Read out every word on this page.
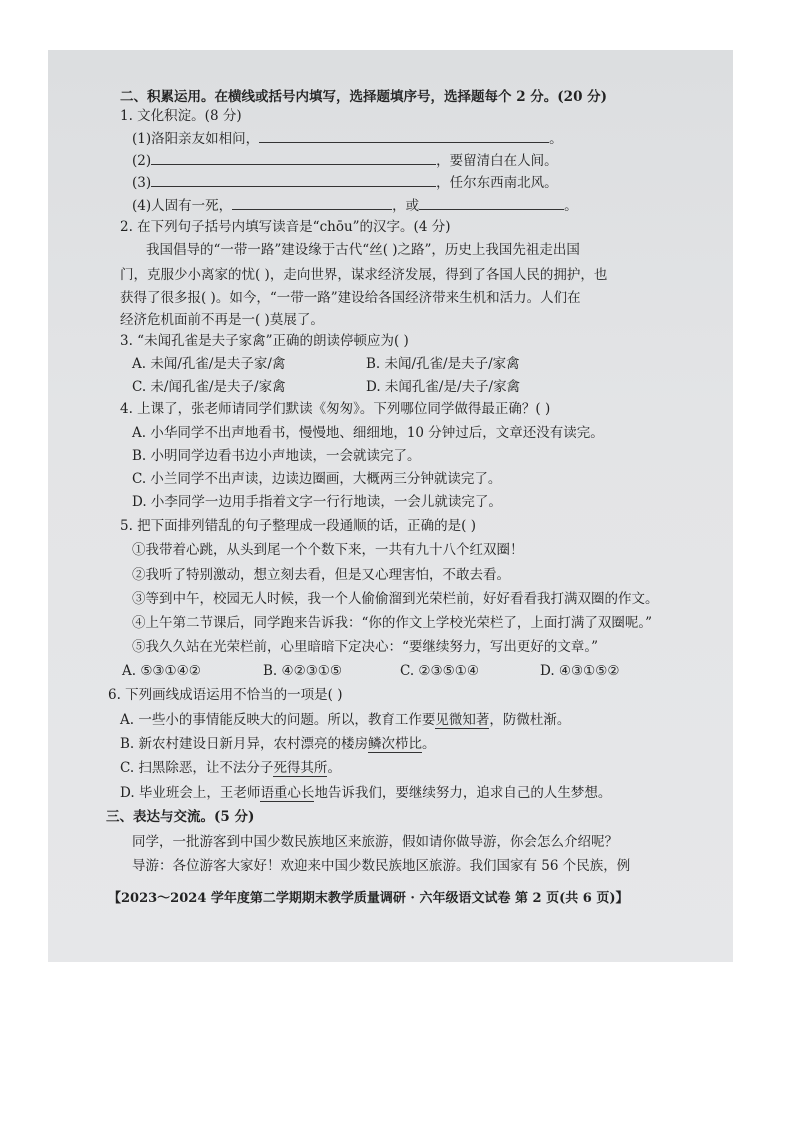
二、积累运用。在横线或括号内填写，选择题填序号，选择题每个 2 分。(20 分)
1. 文化积淀。(8 分)
(1)洛阳亲友如相问，	。
(2)	，要留清白在人间。
(3)	，任尔东西南北风。
(4)人固有一死，	，或	。
2. 在下列句子括号内填写读音是“chōu”的汉字。(4 分)
我国倡导的“一带一路”建设缘于古代“丝( )之路”，历史上我国先祖走出国
门，克服少小离家的忧( )，走向世界，谋求经济发展，得到了各国人民的拥护，也
获得了很多报( )。如今，“一带一路”建设给各国经济带来生机和活力。人们在
经济危机面前不再是一( )莫展了。
3. “未闻孔雀是夫子家禽”正确的朗读停顿应为( )
A. 未闻/孔雀/是夫子家/禽	B. 未闻/孔雀/是夫子/家禽
C. 未/闻孔雀/是夫子/家禽	D. 未闻孔雀/是/夫子/家禽
4. 上课了，张老师请同学们默读《匆匆》。下列哪位同学做得最正确？( )
A. 小华同学不出声地看书，慢慢地、细细地，10 分钟过后，文章还没有读完。
B. 小明同学边看书边小声地读，一会就读完了。
C. 小兰同学不出声读，边读边圈画，大概两三分钟就读完了。
D. 小李同学一边用手指着文字一行行地读，一会儿就读完了。
5. 把下面排列错乱的句子整理成一段通顺的话，正确的是( )
①我带着心跳，从头到尾一个个数下来，一共有九十八个红双圈！
②我听了特别激动，想立刻去看，但是又心理害怕，不敢去看。
③等到中午，校园无人时候，我一个人偷偷溜到光荣栏前，好好看看我打满双圈的作文。
④上午第二节课后，同学跑来告诉我：“你的作文上学校光荣栏了，上面打满了双圈呢。”
⑤我久久站在光荣栏前，心里暗暗下定决心：“要继续努力，写出更好的文章。”
A. ⑤③①④②	B. ④②③①⑤	C. ②③⑤①④	D. ④③①⑤②
6. 下列画线成语运用不恰当的一项是( )
A. 一些小的事情能反映大的问题。所以，教育工作要见微知著，防微杜渐。
B. 新农村建设日新月异，农村漂亮的楼房鳞次栉比。
C. 扫黑除恶，让不法分子死得其所。
D. 毕业班会上，王老师语重心长地告诉我们，要继续努力，追求自己的人生梦想。
三、表达与交流。(5 分)
同学，一批游客到中国少数民族地区来旅游，假如请你做导游，你会怎么介绍呢？
导游：各位游客大家好！欢迎来中国少数民族地区旅游。我们国家有 56 个民族，例
【2023～2024 学年度第二学期期末教学质量调研 · 六年级语文试卷 第 2 页(共 6 页)】
